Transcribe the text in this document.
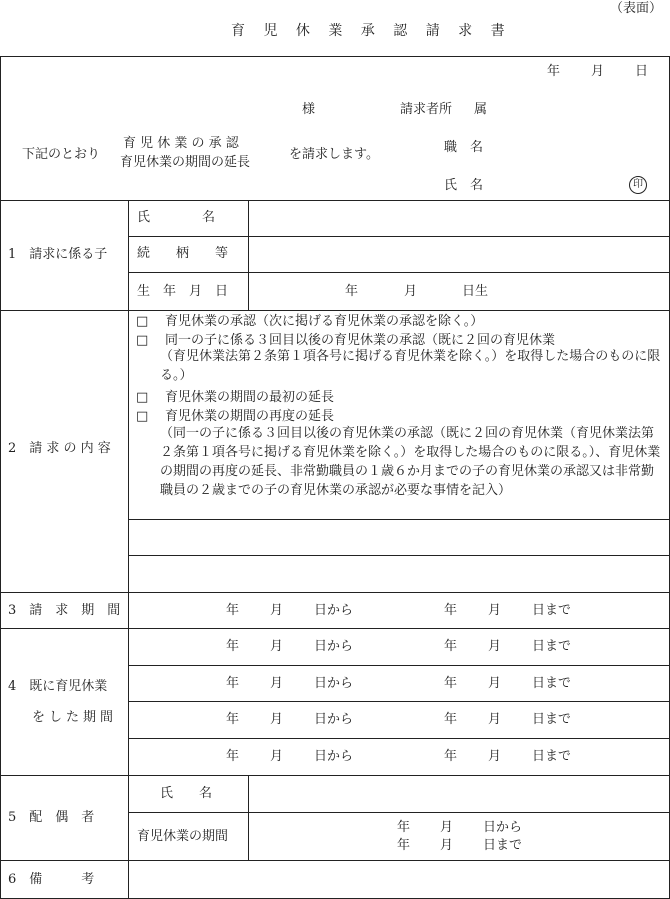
（表面）
育 児 休 業 承 認 請 求 書
年 月 日
様	請求者所 属
下記のとおり
育 児 休 業 の 承 認
育児休業の期間の延長
を請求します。	職　名
氏　名	印
1　請求に係る子
氏　　　　名
続　　柄　　等
生　年　月　日	年	月	日生
2　請 求 の 内 容
□ 育児休業の承認（次に掲げる育児休業の承認を除く。）
□ 同一の子に係る３回目以後の育児休業の承認（既に２回の育児休業
（育児休業法第２条第１項各号に掲げる育児休業を除く。）を取得した場合のものに限る。）
□ 育児休業の期間の最初の延長
□ 育児休業の期間の再度の延長
（同一の子に係る３回目以後の育児休業の承認（既に２回の育児休業（育児休業法第２条第１項各号に掲げる育児休業を除く。）を取得した場合のものに限る。）、育児休業の期間の再度の延長、非常勤職員の１歳６か月までの子の育児休業の承認又は非常勤職員の２歳までの子の育児休業の承認が必要な事情を記入）
3　請　求　期　間	年 月 日から	年 月 日まで
4　既に育児休業
をした期間
年 月 日から	年 月 日まで
年 月 日から	年 月 日まで
年 月 日から	年 月 日まで
年 月 日から	年 月 日まで
5　配　偶　者
氏　　名
育児休業の期間
年 月 日から
年 月 日まで
6　備　　　考
